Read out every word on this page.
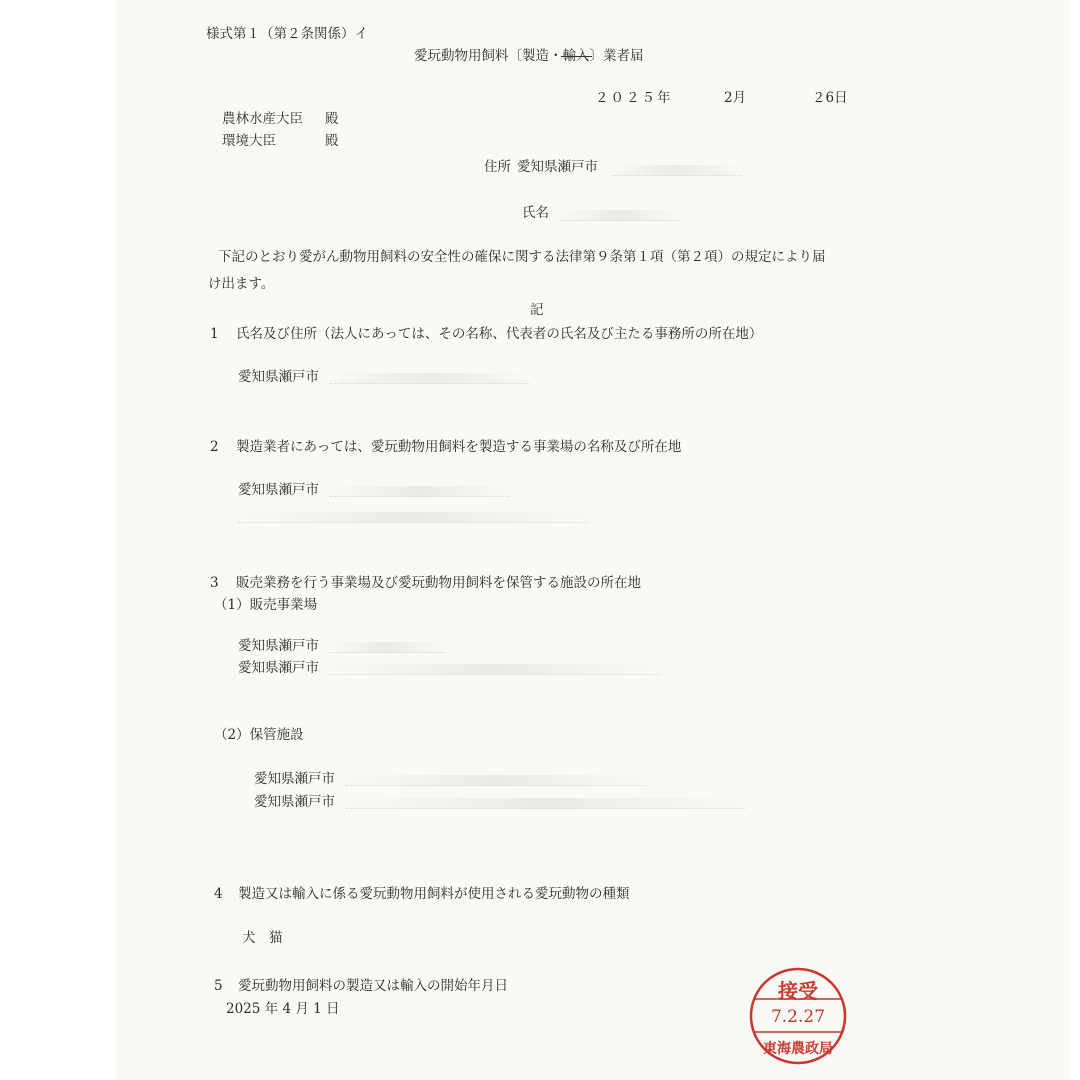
様式第１（第２条関係）イ
愛玩動物用飼料〔製造・輸入〕業者届
２０２５年	2月	２6日
農林水産大臣 殿
環境大臣	殿
住所 愛知県瀬戸市
氏名
下記のとおり愛がん動物用飼料の安全性の確保に関する法律第９条第１項（第２項）の規定により届
け出ます。
記
1 氏名及び住所（法人にあっては、その名称、代表者の氏名及び主たる事務所の所在地）
愛知県瀬戸市
2 製造業者にあっては、愛玩動物用飼料を製造する事業場の名称及び所在地
愛知県瀬戸市
3 販売業務を行う事業場及び愛玩動物用飼料を保管する施設の所在地
（1）販売事業場
愛知県瀬戸市
愛知県瀬戸市
（2）保管施設
愛知県瀬戸市
愛知県瀬戸市
4 製造又は輸入に係る愛玩動物用飼料が使用される愛玩動物の種類
犬　猫
5 愛玩動物用飼料の製造又は輸入の開始年月日
2025 年 4 月 1 日
接受
7.2.27
東海農政局
